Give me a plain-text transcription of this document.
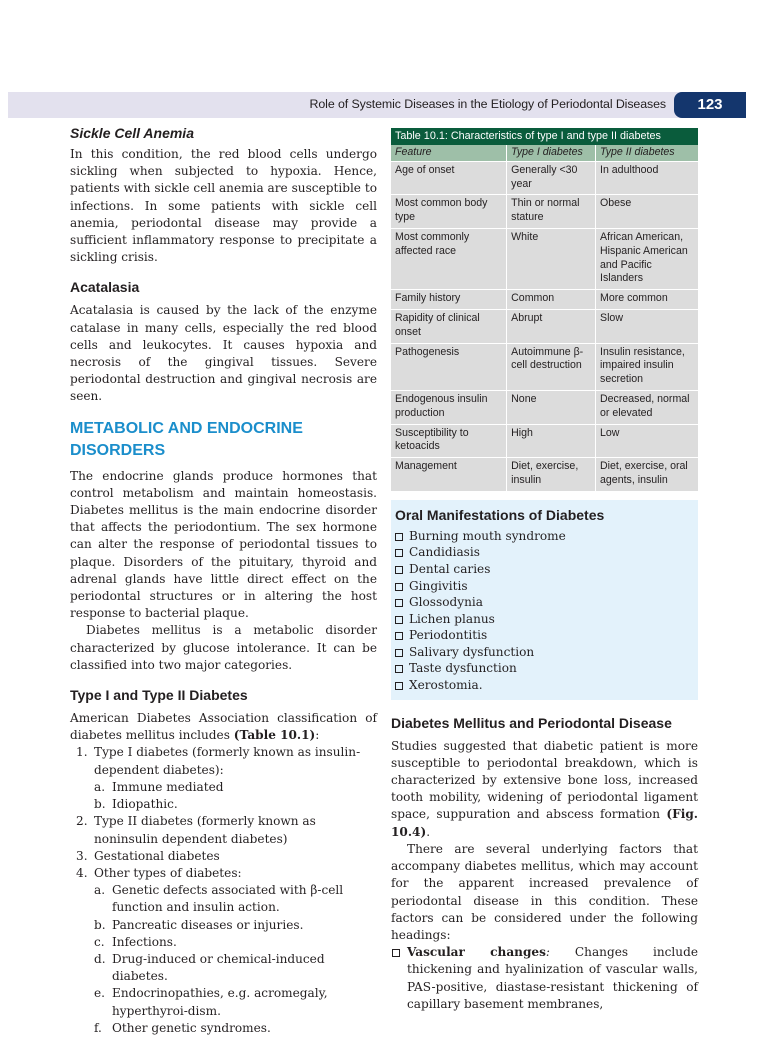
Role of Systemic Diseases in the Etiology of Periodontal Diseases	123
Sickle Cell Anemia

In this condition, the red blood cells undergo sickling when subjected to hypoxia. Hence, patients with sickle cell anemia are susceptible to infections. In some patients with sickle cell anemia, periodontal disease may provide a sufficient inflammatory response to precipitate a sickling crisis.

Acatalasia

Acatalasia is caused by the lack of the enzyme catalase in many cells, especially the red blood cells and leukocytes. It causes hypoxia and necrosis of the gingival tissues. Severe periodontal destruction and gingival necrosis are seen.

METABOLIC AND ENDOCRINE
DISORDERS

The endocrine glands produce hormones that control metabolism and maintain homeostasis. Diabetes mellitus is the main endocrine disorder that affects the periodontium. The sex hormone can alter the response of periodontal tissues to plaque. Disorders of the pituitary, thyroid and adrenal glands have little direct effect on the periodontal structures or in altering the host response to bacterial plaque.

Diabetes mellitus is a metabolic disorder characterized by glucose intolerance. It can be classified into two major categories.

Type I and Type II Diabetes

American Diabetes Association classification of diabetes mellitus includes (Table 10.1):

1. Type I diabetes (formerly known as insulin-dependent diabetes):
a. Immune mediated
b. Idiopathic.
2. Type II diabetes (formerly known as noninsulin dependent diabetes)
3. Gestational diabetes
4. Other types of diabetes:
a. Genetic defects associated with β-cell function and insulin action.
b. Pancreatic diseases or injuries.
c. Infections.
d. Drug-induced or chemical-induced diabetes.
e. Endocrinopathies, e.g. acromegaly, hyperthyroi-dism.
f. Other genetic syndromes.
Table 10.1: Characteristics of type I and type II diabetes
Feature	Type I diabetes	Type II diabetes
Age of onset	Generally <30 year	In adulthood
Most common body type	Thin or normal stature	Obese
Most commonly affected race	White	African American, Hispanic American and Pacific Islanders
Family history	Common	More common
Rapidity of clinical onset	Abrupt	Slow
Pathogenesis	Autoimmune β-cell destruction	Insulin resistance, impaired insulin secretion
Endogenous insulin production	None	Decreased, normal or elevated
Susceptibility to ketoacids	High	Low
Management	Diet, exercise, insulin	Diet, exercise, oral agents, insulin
Oral Manifestations of Diabetes
Burning mouth syndrome
Candidiasis
Dental caries
Gingivitis
Glossodynia
Lichen planus
Periodontitis
Salivary dysfunction
Taste dysfunction
Xerostomia.
Diabetes Mellitus and Periodontal Disease

Studies suggested that diabetic patient is more susceptible to periodontal breakdown, which is characterized by extensive bone loss, increased tooth mobility, widening of periodontal ligament space, suppuration and abscess formation (Fig. 10.4).

There are several underlying factors that accompany diabetes mellitus, which may account for the apparent increased prevalence of periodontal disease in this condition. These factors can be considered under the following headings:

Vascular changes: Changes include thickening and hyalinization of vascular walls, PAS-positive, diastase-resistant thickening of capillary basement membranes,
